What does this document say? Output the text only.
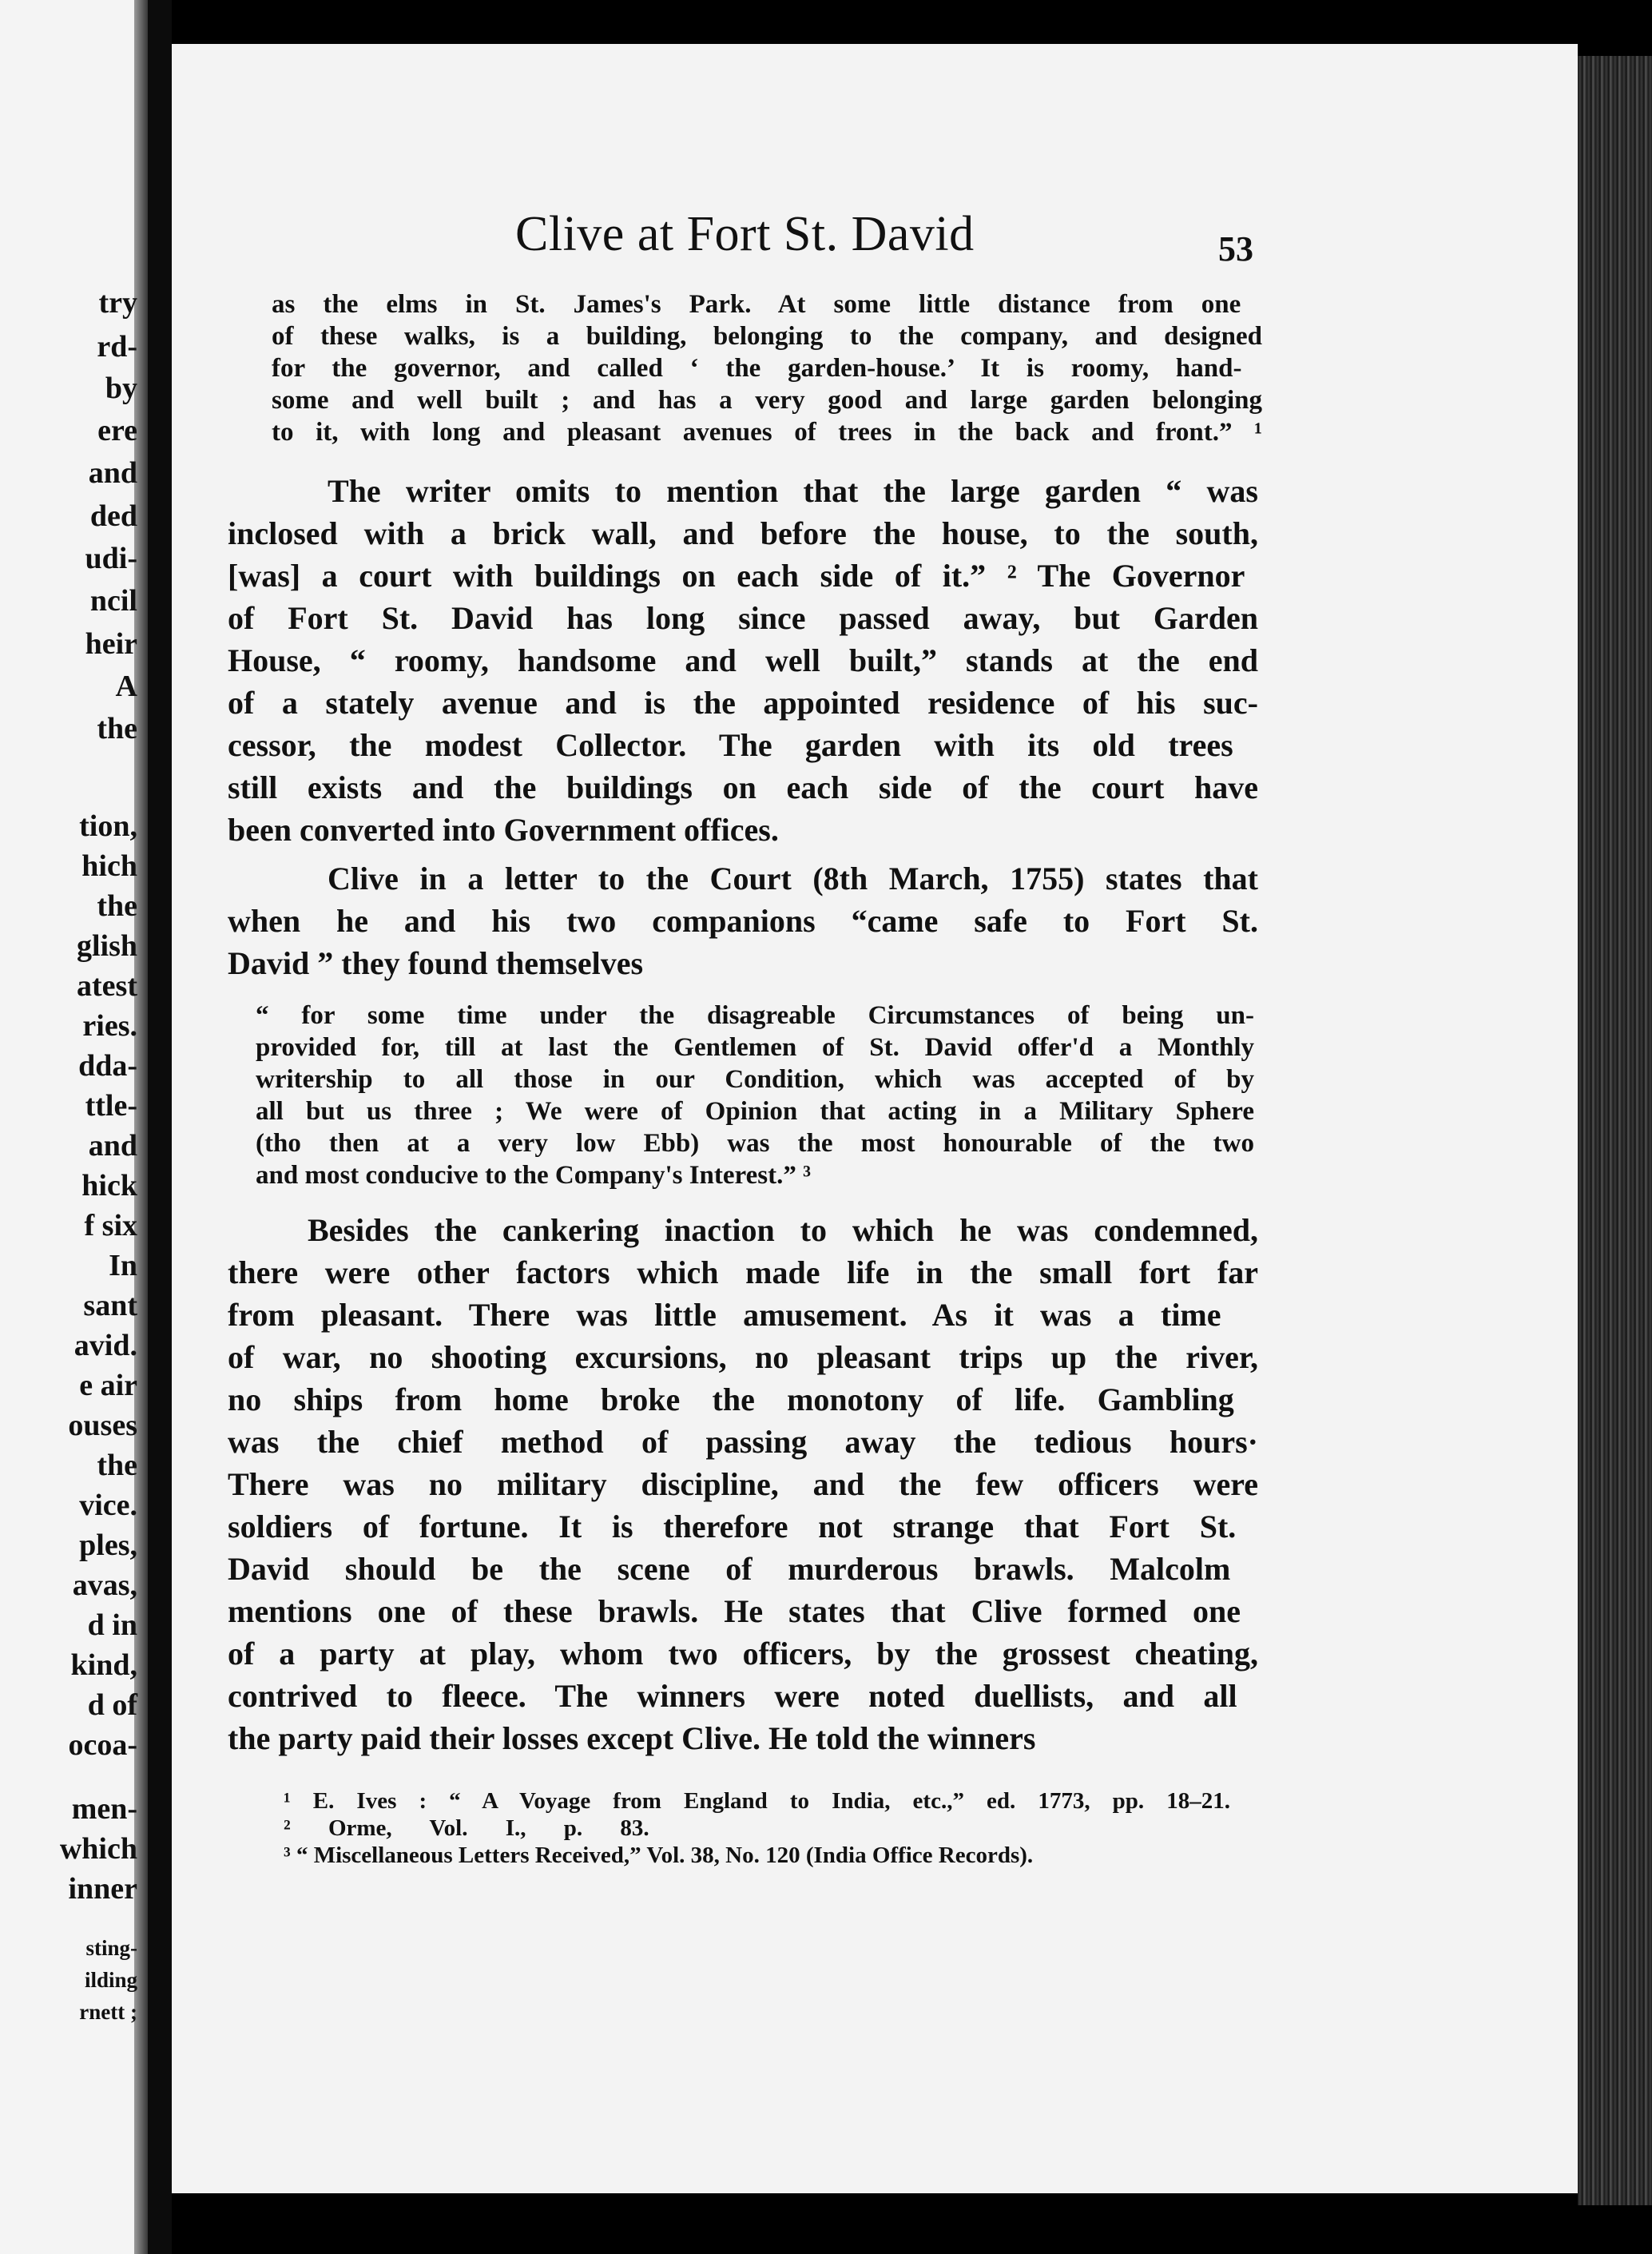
try
rd-
by
ere
and
ded
udi-
ncil
heir
A
the
tion,
hich
the
glish
atest
ries.
dda-
ttle-
and
hick
f six
In
sant
avid.
e air
ouses
the
vice.
ples,
avas,
d in
kind,
d of
ocoa-
men-
which
inner
sting-
ilding
rnett ;
Clive at Fort St. David	53
as the elms in St. James's Park. At some little distance from one
of these walks, is a building, belonging to the company, and designed
for the governor, and called ‘ the garden-house.’ It is roomy, hand-
some and well built ; and has a very good and large garden belonging
to it, with long and pleasant avenues of trees in the back and front.” ¹
The writer omits to mention that the large garden “ was
inclosed with a brick wall, and before the house, to the south,
[was] a court with buildings on each side of it.” ² The Governor
of Fort St. David has long since passed away, but Garden
House, “ roomy, handsome and well built,” stands at the end
of a stately avenue and is the appointed residence of his suc-
cessor, the modest Collector. The garden with its old trees
still exists and the buildings on each side of the court have
been converted into Government offices.
Clive in a letter to the Court (8th March, 1755) states that
when he and his two companions “came safe to Fort St.
David ” they found themselves
“ for some time under the disagreable Circumstances of being un-
provided for, till at last the Gentlemen of St. David offer'd a Monthly
writership to all those in our Condition, which was accepted of by
all but us three ; We were of Opinion that acting in a Military Sphere
(tho then at a very low Ebb) was the most honourable of the two
and most conducive to the Company's Interest.” ³
Besides the cankering inaction to which he was condemned,
there were other factors which made life in the small fort far
from pleasant. There was little amusement. As it was a time
of war, no shooting excursions, no pleasant trips up the river,
no ships from home broke the monotony of life. Gambling
was the chief method of passing away the tedious hours·
There was no military discipline, and the few officers were
soldiers of fortune. It is therefore not strange that Fort St.
David should be the scene of murderous brawls. Malcolm
mentions one of these brawls. He states that Clive formed one
of a party at play, whom two officers, by the grossest cheating,
contrived to fleece. The winners were noted duellists, and all
the party paid their losses except Clive. He told the winners
¹ E. Ives : “ A Voyage from England to India, etc.,” ed. 1773, pp. 18–21.
² Orme, Vol. I., p. 83.
³ “ Miscellaneous Letters Received,” Vol. 38, No. 120 (India Office Records).
